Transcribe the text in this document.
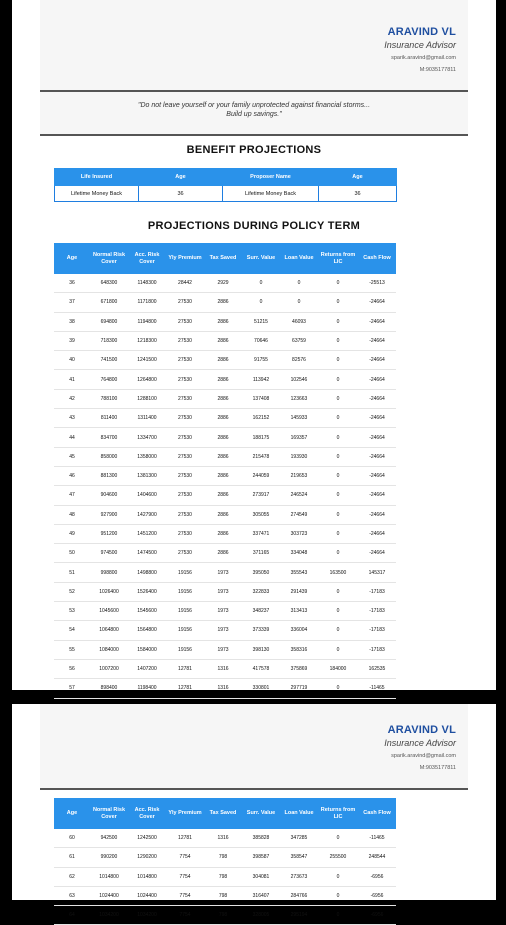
ARAVIND VL
Insurance Advisor
sparik.aravind@gmail.com
M:9035177811
"Do not leave yourself or your family unprotected against financial storms...
Build up savings."
BENEFIT PROJECTIONS
Life Insured	Age	Proposer Name	Age
Lifetime Money Back	36	Lifetime Money Back	36
PROJECTIONS DURING POLICY TERM
Age	Normal Risk Cover	Acc. Risk Cover	Yly Premium	Tax Saved	Surr. Value	Loan Value	Returns from LIC	Cash Flow
36	648300	1148300	28442	2929	0	0	0	-25513
37	671800	1171800	27530	2886	0	0	0	-24664
38	694800	1194800	27530	2886	51215	46093	0	-24664
39	718300	1218300	27530	2886	70646	63759	0	-24664
40	741500	1241500	27530	2886	91755	82576	0	-24664
41	764800	1264800	27530	2886	113942	102546	0	-24664
42	788100	1288100	27530	2886	137408	123663	0	-24664
43	811400	1311400	27530	2886	162152	145933	0	-24664
44	834700	1334700	27530	2886	188175	169357	0	-24664
45	858000	1358000	27530	2886	215478	193930	0	-24664
46	881300	1381300	27530	2886	244059	219653	0	-24664
47	904600	1404600	27530	2886	273917	246524	0	-24664
48	927900	1427900	27530	2886	305055	274549	0	-24664
49	951200	1451200	27530	2886	337471	303723	0	-24664
50	974500	1474500	27530	2886	371165	334048	0	-24664
51	998800	1498800	19156	1973	395050	355543	163500	145317
52	1026400	1526400	19156	1973	322833	291439	0	-17183
53	1045600	1545600	19156	1973	348237	313413	0	-17183
54	1064800	1564800	19156	1973	373339	336004	0	-17183
55	1084000	1584000	19156	1973	398130	358316	0	-17183
56	1007200	1407200	12781	1316	417578	375869	184000	162535
57	898400	1198400	12781	1316	330801	297719	0	-11465

ARAVIND VL
Insurance Advisor
sparik.aravind@gmail.com
M:9035177811
Age	Normal Risk Cover	Acc. Risk Cover	Yly Premium	Tax Saved	Surr. Value	Loan Value	Returns from LIC	Cash Flow
60	942500	1242500	12781	1316	385828	347285	0	-11465
61	990200	1290200	7754	798	398587	358547	255500	248544
62	1014800	1014800	7754	798	304081	273673	0	-6956
63	1024400	1024400	7754	798	316407	284766	0	-6956
64	1034200	1034200	7754	798	328005	295194	0	-6956
